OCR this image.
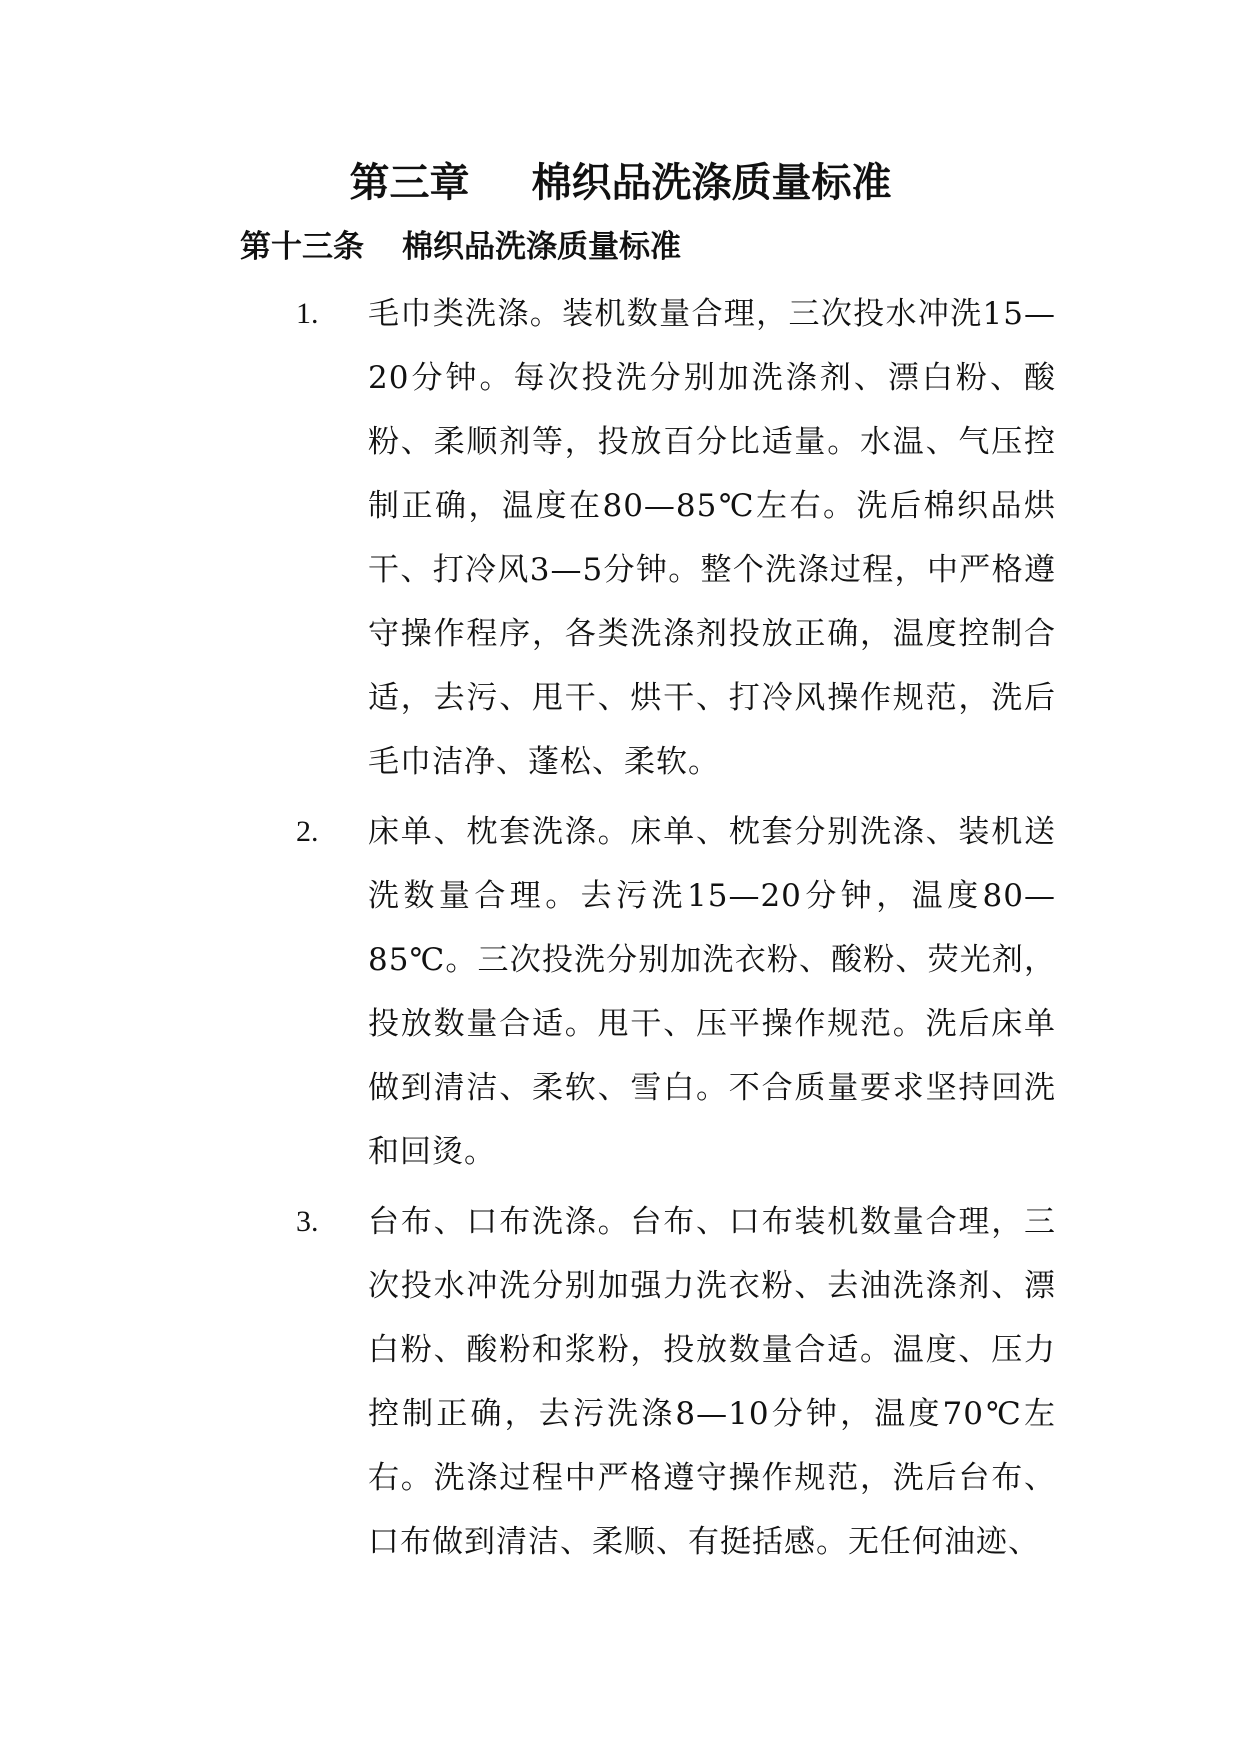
第三章 棉织品洗涤质量标准
第十三条 棉织品洗涤质量标准
1.	毛巾类洗涤。装机数量合理，三次投水冲洗15—20分钟。每次投洗分别加洗涤剂、漂白粉、酸粉、柔顺剂等，投放百分比适量。水温、气压控制正确，温度在80—85℃左右。洗后棉织品烘干、打冷风3—5分钟。整个洗涤过程，中严格遵守操作程序，各类洗涤剂投放正确，温度控制合适，去污、甩干、烘干、打冷风操作规范，洗后毛巾洁净、蓬松、柔软。
2.	床单、枕套洗涤。床单、枕套分别洗涤、装机送洗数量合理。去污洗15—20分钟，温度80—85℃。三次投洗分别加洗衣粉、酸粉、荧光剂，投放数量合适。甩干、压平操作规范。洗后床单做到清洁、柔软、雪白。不合质量要求坚持回洗和回烫。
3.	台布、口布洗涤。台布、口布装机数量合理，三次投水冲洗分别加强力洗衣粉、去油洗涤剂、漂白粉、酸粉和浆粉，投放数量合适。温度、压力控制正确，去污洗涤8—10分钟，温度70℃左右。洗涤过程中严格遵守操作规范，洗后台布、口布做到清洁、柔顺、有挺括感。无任何油迹、
